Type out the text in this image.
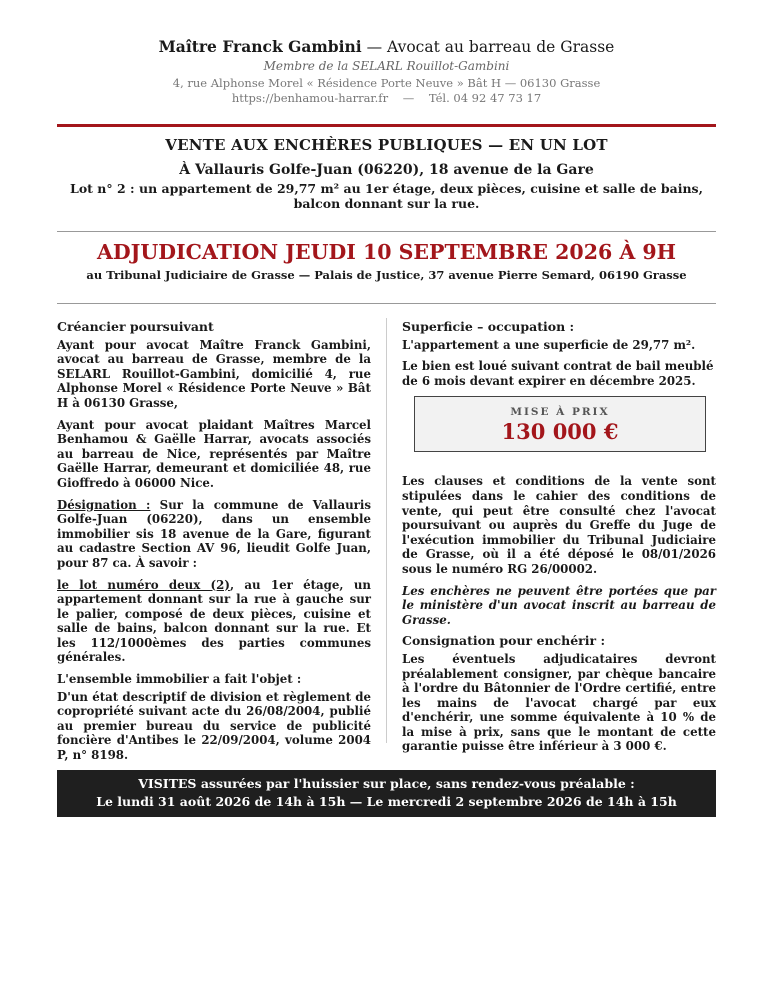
Maître Franck Gambini — Avocat au barreau de Grasse
Membre de la SELARL Rouillot-Gambini
4, rue Alphonse Morel « Résidence Porte Neuve » Bât H — 06130 Grasse
https://benhamou-harrar.fr — Tél. 04 92 47 73 17
VENTE AUX ENCHÈRES PUBLIQUES — EN UN LOT
À Vallauris Golfe-Juan (06220), 18 avenue de la Gare
Lot n° 2 : un appartement de 29,77 m² au 1er étage, deux pièces, cuisine et salle de bains, balcon donnant sur la rue.
ADJUDICATION JEUDI 10 SEPTEMBRE 2026 À 9H
au Tribunal Judiciaire de Grasse — Palais de Justice, 37 avenue Pierre Semard, 06190 Grasse
Créancier poursuivant

Ayant pour avocat Maître Franck Gambini, avocat au barreau de Grasse, membre de la SELARL Rouillot-Gambini, domicilié 4, rue Alphonse Morel « Résidence Porte Neuve » Bât H à 06130 Grasse,

Ayant pour avocat plaidant Maîtres Marcel Benhamou & Gaëlle Harrar, avocats associés au barreau de Nice, représentés par Maître Gaëlle Harrar, demeurant et domiciliée 48, rue Gioffredo à 06000 Nice.

Désignation : Sur la commune de Vallauris Golfe-Juan (06220), dans un ensemble immobilier sis 18 avenue de la Gare, figurant au cadastre Section AV 96, lieudit Golfe Juan, pour 87 ca. À savoir :

le lot numéro deux (2), au 1er étage, un appartement donnant sur la rue à gauche sur le palier, composé de deux pièces, cuisine et salle de bains, balcon donnant sur la rue. Et les 112/1000èmes des parties communes générales.

L'ensemble immobilier a fait l'objet :

D'un état descriptif de division et règlement de copropriété suivant acte du 26/08/2004, publié au premier bureau du service de publicité foncière d'Antibes le 22/09/2004, volume 2004 P, n° 8198.

Superficie – occupation :

L'appartement a une superficie de 29,77 m².

Le bien est loué suivant contrat de bail meublé de 6 mois devant expirer en décembre 2025.

MISE À PRIX
130 000 €

Les clauses et conditions de la vente sont stipulées dans le cahier des conditions de vente, qui peut être consulté chez l'avocat poursuivant ou auprès du Greffe du Juge de l'exécution immobilier du Tribunal Judiciaire de Grasse, où il a été déposé le 08/01/2026 sous le numéro RG 26/00002.

Les enchères ne peuvent être portées que par le ministère d'un avocat inscrit au barreau de Grasse.

Consignation pour enchérir :

Les éventuels adjudicataires devront préalablement consigner, par chèque bancaire à l'ordre du Bâtonnier de l'Ordre certifié, entre les mains de l'avocat chargé par eux d'enchérir, une somme équivalente à 10 % de la mise à prix, sans que le montant de cette garantie puisse être inférieur à 3 000 €.

VISITES assurées par l'huissier sur place, sans rendez-vous préalable :
Le lundi 31 août 2026 de 14h à 15h — Le mercredi 2 septembre 2026 de 14h à 15h
